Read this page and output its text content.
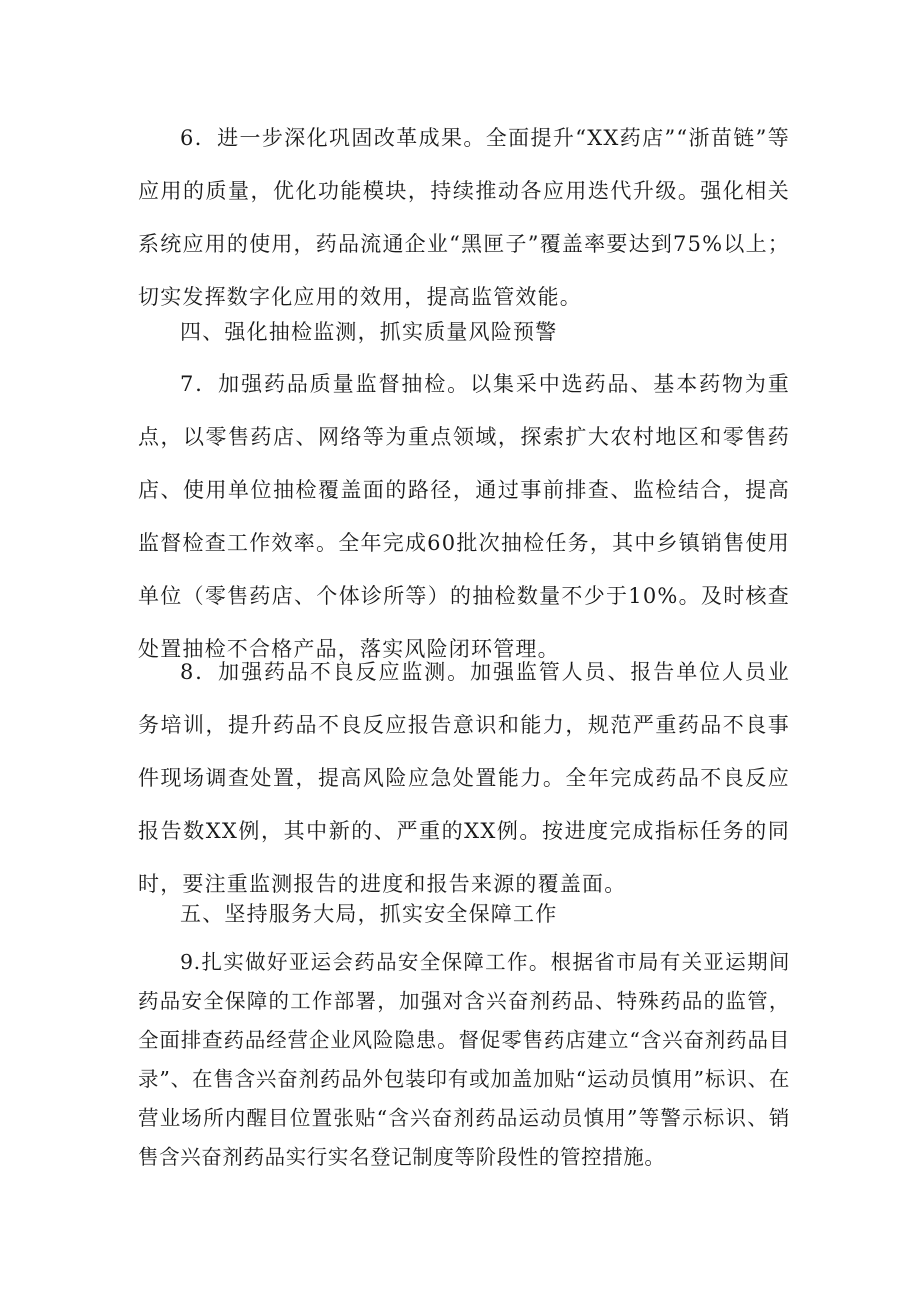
6．进一步深化巩固改革成果。全面提升“XX药店”“浙苗链”等应用的质量，优化功能模块，持续推动各应用迭代升级。强化相关系统应用的使用，药品流通企业“黑匣子”覆盖率要达到75%以上；切实发挥数字化应用的效用，提高监管效能。

四、强化抽检监测，抓实质量风险预警

7．加强药品质量监督抽检。以集采中选药品、基本药物为重点，以零售药店、网络等为重点领域，探索扩大农村地区和零售药店、使用单位抽检覆盖面的路径，通过事前排查、监检结合，提高监督检查工作效率。全年完成60批次抽检任务，其中乡镇销售使用单位（零售药店、个体诊所等）的抽检数量不少于10%。及时核查处置抽检不合格产品，落实风险闭环管理。

8．加强药品不良反应监测。加强监管人员、报告单位人员业务培训，提升药品不良反应报告意识和能力，规范严重药品不良事件现场调查处置，提高风险应急处置能力。全年完成药品不良反应报告数XX例，其中新的、严重的XX例。按进度完成指标任务的同时，要注重监测报告的进度和报告来源的覆盖面。

五、坚持服务大局，抓实安全保障工作

9.扎实做好亚运会药品安全保障工作。根据省市局有关亚运期间药品安全保障的工作部署，加强对含兴奋剂药品、特殊药品的监管，全面排查药品经营企业风险隐患。督促零售药店建立“含兴奋剂药品目录”、在售含兴奋剂药品外包装印有或加盖加贴“运动员慎用”标识、在营业场所内醒目位置张贴“含兴奋剂药品运动员慎用”等警示标识、销售含兴奋剂药品实行实名登记制度等阶段性的管控措施。
